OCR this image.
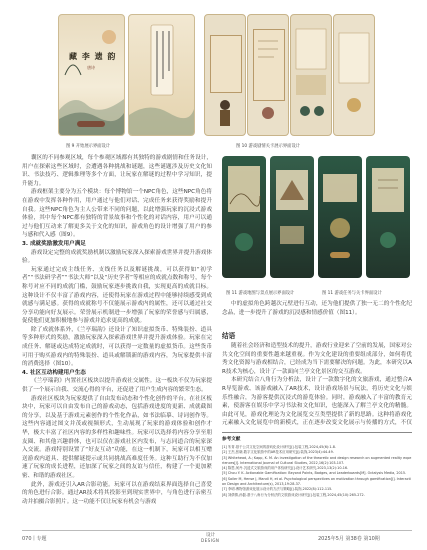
藏 李 遗 韵
唐诗
图 9 开始展示界面设计	图 10 游戏剧情关卡展示界面设计
图 11 游戏地图与景点展示界面设计	图 11 游戏任务与关卡界面设计

囊区的不同参观区域，每个参观区域都有其独特的游戏剧情和任务设计，用户在探索这些区域时，会遭遇各种挑战和谜题，这些谜题涉及历史文化知识、书法技巧、逻辑推理等多个方面，让玩家在解谜的过程中学习知识，提升能力。

游戏框架主要分为五个模块：每个博物馆一个NPC角色，这些NPC角色将在游戏中发挥各种作用，用户通过与他们对话、完成任务来获得奖励和提升自我。这些NPC角色为主人公带来不同的问题，以此增强玩家的沉浸式游戏体验，其中每个NPC都有独特的背景故事和个性化的对话内容，用户可以通过与他们互动来了解更多关于文化的知识，游戏角色的设计增强了用户的参与感和代入感（图9）。

3. 成就奖励激发用户满足

游戏设定完整的成就奖励机制以激励玩家深入探索游戏世界并提升游戏体验。

玩家通过完成主线任务、支线任务以及解谜挑战，可以获得如“初学者”“书法研学者”“书法大师”以及“历史学者”等相应的成就点数和称号，每个称号对应不同的成就门槛，鼓励玩家逐步挑战自我，实现更高的成就目标。这种设计不仅丰富了游戏内容，还使得玩家在游戏过程中能够持续感受到成就感与满足感。获得的成就称号不仅能展示游戏内的属性，还可以通过社交分享功能向好友展示。荣誉展示机制进一步增强了玩家的荣誉感与归属感，促使他们更加积极地参与游戏并追求更高的成就。

除了成就体系外，《兰亭瑞韵》还设计了知识虚拟货币、特殊装扮、道具等多种形式的奖励，激励玩家深入探索游戏世界并提升游戏体验。玩家在完成任务、解谜或达成特定成就时，可以获得一定数量的虚拟货币。这些货币可用于购买游戏内的特殊装扮、道具或解锁新的游戏内容，为玩家提供丰富的消费选择（图10）。

4. 社区互动构建用户生态

《兰亭瑞韵》内置社区板块以提升游戏社交属性。这一板块不仅为玩家提供了一个展示自我、交流心得的平台，还促进了用户生成内容的繁荣生态。

游戏社区板块为玩家提供了自由发布动态和个性化创作的平台。在社区板块中，玩家可以自由发布自己的游戏动态，包括游戏进度的更新、成就截图的分享，以及基于游戏元素创作的个性化作品，如书法临摹、诗词创作等。这些内容通过图文并茂或视频形式，生动展现了玩家的游戏体验和创作才华，极大丰富了社区内容的多样性和趣味性。玩家可以选择将内容分享至朋友圈、和其他兴趣群体，也可以仅在游戏社区内发布，与志同道合的玩家深入交流。游戏特别设置了“好友互动”功能，在这一机制下，玩家可以相互赠送游戏内道具、提供解谜提示或共同挑战高难度任务。这种互助行为不仅加速了玩家的成长进程，还加深了玩家之间的友谊与信任，构建了一个更加紧密、和谐的游戏社区。

此外，游戏还引入AR合影功能。玩家可以在游戏结束界面选择自己喜爱的角色进行合影。通过AR技术将其投影至到现实世界中，与角色进行亲密互动并拍摄合影照片。这一功能不仅让玩家有机会与游戏

中的虚拟角色跨越次元壁进行互动，还为他们提供了独一无二的个性化纪念品，进一步提升了游戏的沉浸感和情感价值（图11）。

结语

随着社会经济和造型技术的提升，游戏行业迎来了空前的发展，国家对公共文化空间的重要性越来越重视。作为文化建设的重要组成部分，如何将优秀文化资源与游戏相结合，已经成为当下需要解决的问题。为此，本研究以AR技术为核心，设计了一款面向兰亭文化景区的交互游戏。

本研究结合八角行为分析法，设计了一款数字化的文旅游戏，通过整合AR导览游戏、该游戏融入了AR技术，设计游戏场景与玩法，将历史文化与娱乐性融合，为游客提供沉浸式的游览体验。同时，游戏融入了丰富的教育元素，使游客在娱乐中学习书法和文化知识，也能深入了解兰亭文化的精髓。由此可见，游戏化理论为文化展览交互类型提供了新的思路。这种将游戏化元素融入文化展览中的新模式，正在逐步改变文化展示与传播的方式，不仅

参考文献
[1] 朱青.基于公共文化空间的游戏化设计研究[J].包装工程,2024,45(6):1-8.
[2] 王杰,张晓.数字文化旅游中的AR技术应用研究[J].装饰,2023(4):44-49.
[3] Whitehead, A.; Kapp, K. M. An investigation of the theoretic and design research on augmented reality experiences[J]. International Journal of Cultural Studies, 2022,16(2):103-107.
[4] 陈思,何丹.沉浸式文旅游戏的用户体验研究[J].设计艺术研究,2023,13(2):10-16.
[5] Chou Y. K. Actionable Gamification: Beyond Points, Badges, and Leaderboards[M]. Octalysis Media, 2015.
[6] Sailer M, Hense J, Mandl H, et al. Psychological perspectives on motivation through gamification[J]. Interaction Design and Architecture(s), 2013,19:28-37.
[7] 李明.博物馆游戏化展示设计的方法与策略[J].装饰,2022(8):112-115.
[8] 刘倩倩,孙磊.基于八角行为分析法的文旅游戏设计研究[J].包装工程,2024,45(10):265-272.
070丨专题
设计
DESIGN	2025年5月 第38卷 第10期
